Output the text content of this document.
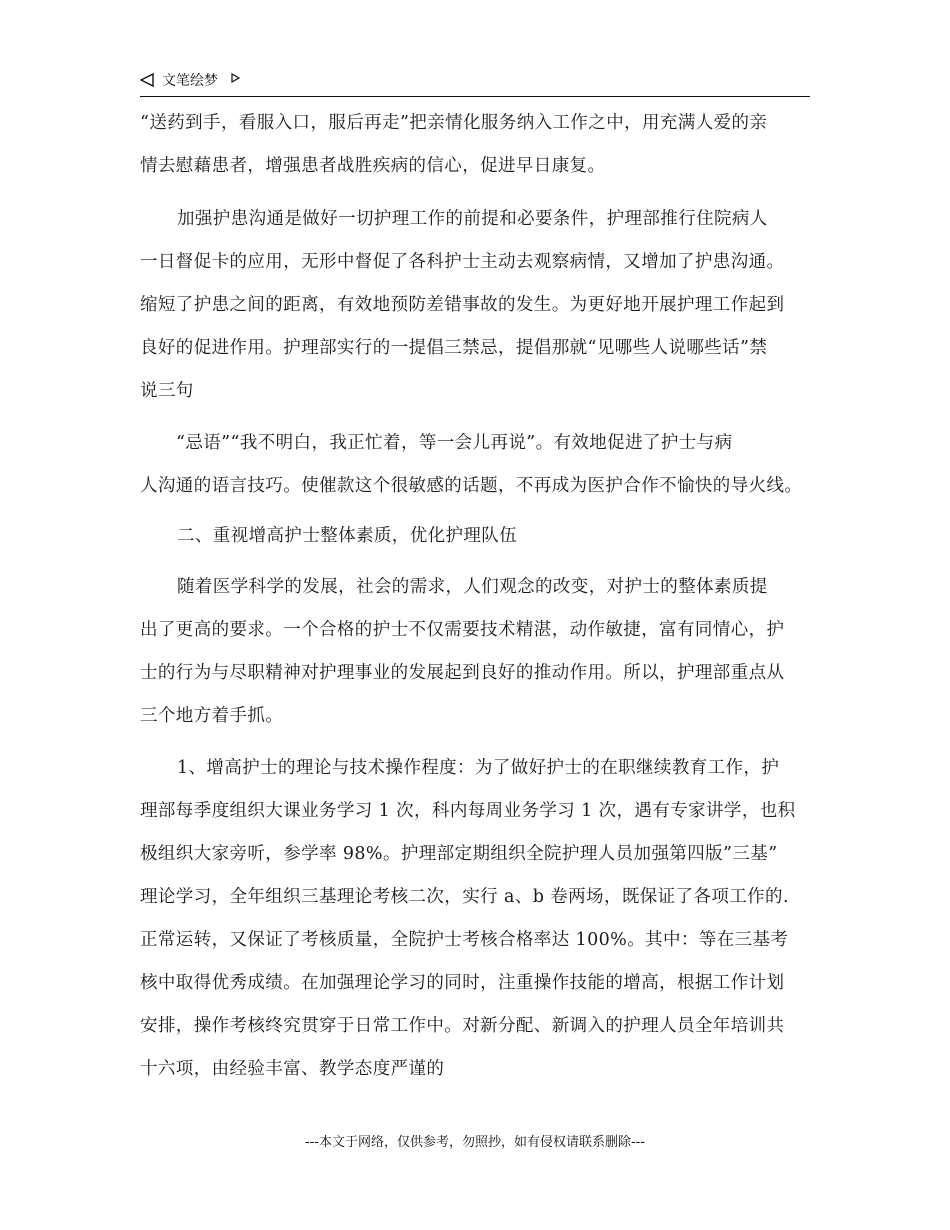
文笔绘梦
“送药到手，看服入口，服后再走”把亲情化服务纳入工作之中，用充满人爱的亲
情去慰藉患者，增强患者战胜疾病的信心，促进早日康复。
加强护患沟通是做好一切护理工作的前提和必要条件，护理部推行住院病人
一日督促卡的应用，无形中督促了各科护士主动去观察病情，又增加了护患沟通。
缩短了护患之间的距离，有效地预防差错事故的发生。为更好地开展护理工作起到
良好的促进作用。护理部实行的一提倡三禁忌，提倡那就“见哪些人说哪些话”禁
说三句
“忌语”“我不明白，我正忙着，等一会儿再说”。有效地促进了护士与病
人沟通的语言技巧。使催款这个很敏感的话题，不再成为医护合作不愉快的导火线。
二、重视增高护士整体素质，优化护理队伍
随着医学科学的发展，社会的需求，人们观念的改变，对护士的整体素质提
出了更高的要求。一个合格的护士不仅需要技术精湛，动作敏捷，富有同情心，护
士的行为与尽职精神对护理事业的发展起到良好的推动作用。所以，护理部重点从
三个地方着手抓。
1、增高护士的理论与技术操作程度：为了做好护士的在职继续教育工作，护
理部每季度组织大课业务学习 1 次，科内每周业务学习 1 次，遇有专家讲学，也积
极组织大家旁听，参学率 98%。护理部定期组织全院护理人员加强第四版”三基”
理论学习，全年组织三基理论考核二次，实行 a、b 卷两场，既保证了各项工作的.
正常运转，又保证了考核质量，全院护士考核合格率达 100%。其中：等在三基考
核中取得优秀成绩。在加强理论学习的同时，注重操作技能的增高，根据工作计划
安排，操作考核终究贯穿于日常工作中。对新分配、新调入的护理人员全年培训共
十六项，由经验丰富、教学态度严谨的
---本文于网络，仅供参考，勿照抄，如有侵权请联系删除---
